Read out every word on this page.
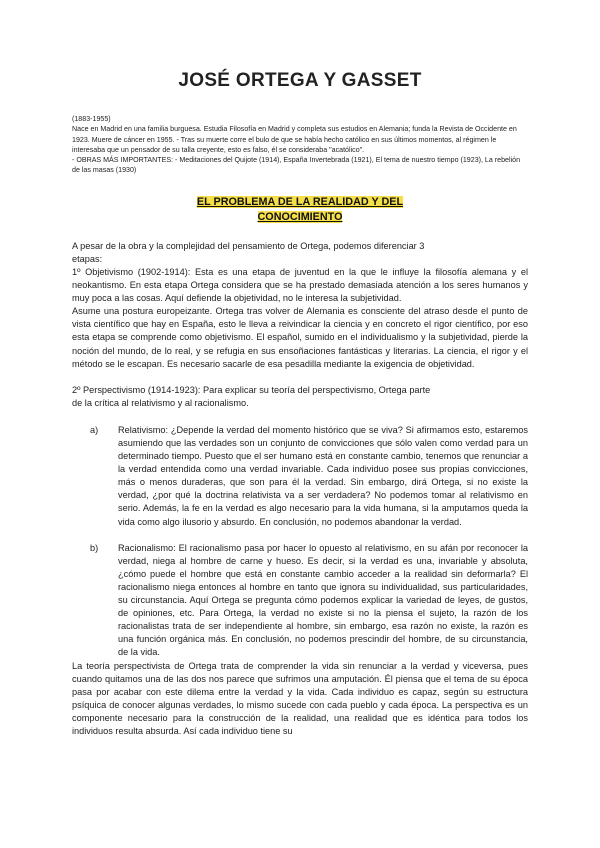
JOSÉ ORTEGA Y GASSET

(1883-1955)

Nace en Madrid en una familia burguesa. Estudia Filosofía en Madrid y completa sus estudios en Alemania; funda la Revista de Occidente en 1923. Muere de cáncer en 1955. - Tras su muerte corre el bulo de que se había hecho católico en sus últimos momentos, al régimen le interesaba que un pensador de su talla creyente, esto es falso, él se consideraba "acatólico".

- OBRAS MÁS IMPORTANTES: - Meditaciones del Quijote (1914), España Invertebrada (1921), El tema de nuestro tiempo (1923), La rebelión de las masas (1930)

EL PROBLEMA DE LA REALIDAD Y DEL
CONOCIMIENTO
A pesar de la obra y la complejidad del pensamiento de Ortega, podemos diferenciar 3
etapas:

1º Objetivismo (1902-1914): Esta es una etapa de juventud en la que le influye la filosofía alemana y el neokantismo. En esta etapa Ortega considera que se ha prestado demasiada atención a los seres humanos y muy poca a las cosas. Aquí defiende la objetividad, no le interesa la subjetividad.

Asume una postura europeizante. Ortega tras volver de Alemania es consciente del atraso desde el punto de vista científico que hay en España, esto le lleva a reivindicar la ciencia y en concreto el rigor científico, por eso esta etapa se comprende como objetivismo. El español, sumido en el individualismo y la subjetividad, pierde la noción del mundo, de lo real, y se refugia en sus ensoñaciones fantásticas y literarias. La ciencia, el rigor y el método se le escapan. Es necesario sacarle de esa pesadilla mediante la exigencia de objetividad.

2º Perspectivismo (1914-1923): Para explicar su teoría del perspectivismo, Ortega parte
de la crítica al relativismo y al racionalismo.
a) Relativismo: ¿Depende la verdad del momento histórico que se viva? Si afirmamos esto, estaremos asumiendo que las verdades son un conjunto de convicciones que sólo valen como verdad para un determinado tiempo. Puesto que el ser humano está en constante cambio, tenemos que renunciar a la verdad entendida como una verdad invariable. Cada individuo posee sus propias convicciones, más o menos duraderas, que son para él la verdad. Sin embargo, dirá Ortega, si no existe la verdad, ¿por qué la doctrina relativista va a ser verdadera? No podemos tomar al relativismo en serio. Además, la fe en la verdad es algo necesario para la vida humana, si la amputamos queda la vida como algo ilusorio y absurdo. En conclusión, no podemos abandonar la verdad.
b) Racionalismo: El racionalismo pasa por hacer lo opuesto al relativismo, en su afán por reconocer la verdad, niega al hombre de carne y hueso. Es decir, si la verdad es una, invariable y absoluta, ¿cómo puede el hombre que está en constante cambio acceder a la realidad sin deformarla? El racionalismo niega entonces al hombre en tanto que ignora su individualidad, sus particularidades, su circunstancia. Aquí Ortega se pregunta cómo podemos explicar la variedad de leyes, de gustos, de opiniones, etc. Para Ortega, la verdad no existe si no la piensa el sujeto, la razón de los racionalistas trata de ser independiente al hombre, sin embargo, esa razón no existe, la razón es una función orgánica más. En conclusión, no podemos prescindir del hombre, de su circunstancia, de la vida.

La teoría perspectivista de Ortega trata de comprender la vida sin renunciar a la verdad y viceversa, pues cuando quitamos una de las dos nos parece que sufrimos una amputación. Él piensa que el tema de su época pasa por acabar con este dilema entre la verdad y la vida. Cada individuo es capaz, según su estructura psíquica de conocer algunas verdades, lo mismo sucede con cada pueblo y cada época. La perspectiva es un componente necesario para la construcción de la realidad, una realidad que es idéntica para todos los individuos resulta absurda. Así cada individuo tiene su
